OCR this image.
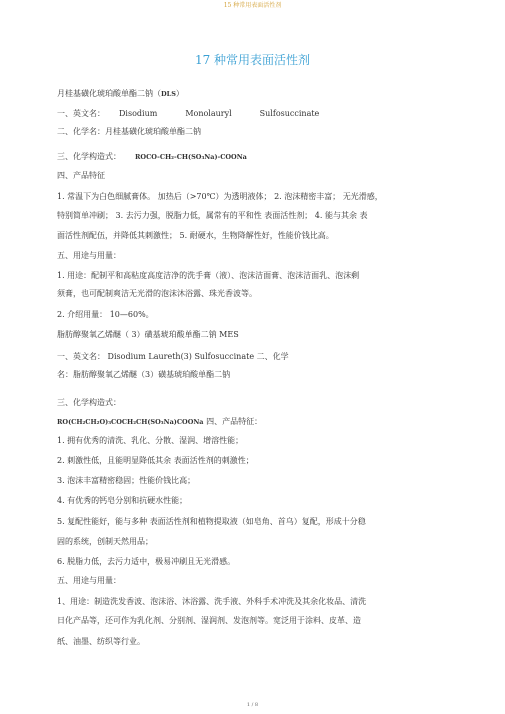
15 种常用表面活性剂
17 种常用表面活性剂
月桂基磺化琥珀酸单酯二钠（DLS）
一、英文名： Disodium	Monolauryl	Sulfosuccinate
二、化学名：月桂基磺化琥珀酸单酯二钠
三、化学构造式： ROCO-CH₂-CH(SO₃Na)-COONa
四、产品特征
1. 常温下为白色细腻膏体。 加热后（>70℃）为透明液体； 2. 泡沫精密丰富； 无光滑感，
特别简单冲刷； 3. 去污力强，脱脂力低，属常有的平和性 表面活性剂； 4. 能与其余 表
面活性剂配伍，并降低其刺激性； 5. 耐硬水，生物降解性好，性能价钱比高。
五、用途与用量：
1. 用途：配制平和高粘度高度洁净的洗手膏（液）、泡沫洁面膏、泡沫洁面乳、泡沫剩
须膏，也可配制爽洁无光滑的泡沫沐浴露、珠光香波等。
2. 介绍用量： 10—60%。
脂肪醇聚氧乙烯醚（ 3）磺基琥珀酸单酯二钠 MES
一、英文名： Disodium Laureth(3) Sulfosuccinate 二、化学
名：脂肪醇聚氧乙烯醚（3）磺基琥珀酸单酯二钠
三、化学构造式：
RO(CH₂CH₂O)₃COCH₂CH(SO₃Na)COONa 四、产品特征：
1. 拥有优秀的清洗、乳化、分散、湿润、增溶性能；
2. 刺激性低，且能明显降低其余 表面活性剂的刺激性；
3. 泡沫丰富精密稳固；性能价钱比高；
4. 有优秀的钙皂分别和抗硬水性能；
5. 复配性能好，能与多种 表面活性剂和植物提取液（如皂角、首乌）复配，形成十分稳
固的系统，创制天然用品；
6. 脱脂力低，去污力适中，极易冲刷且无光滑感。
五、用途与用量：
1、用途：制造洗发香波、泡沫浴、沐浴露、洗手液、外科手术冲洗及其余化妆品、清洗
日化产品等，还可作为乳化剂、分别剂、湿润剂、发泡剂等。宽泛用于涂料、皮革、造
纸、油墨、纺织等行业。
1 / 8
